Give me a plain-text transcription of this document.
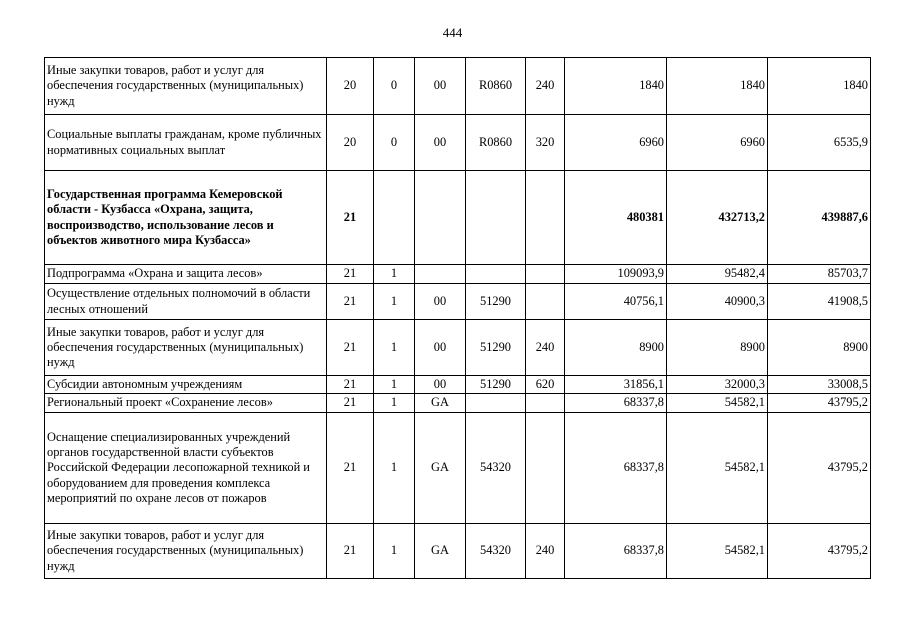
444
Иные закупки товаров, работ и услуг для обеспечения государственных (муниципальных) нужд	20	0	00	R0860	240	1840	1840	1840
Социальные выплаты гражданам, кроме публичных нормативных социальных выплат	20	0	00	R0860	320	6960	6960	6535,9
Государственная программа Кемеровской области - Кузбасса «Охрана, защита, воспроизводство, использование лесов и объектов животного мира Кузбасса»	21					480381	432713,2	439887,6
Подпрограмма «Охрана и защита лесов»	21	1				109093,9	95482,4	85703,7
Осуществление отдельных полномочий в области лесных отношений	21	1	00	51290		40756,1	40900,3	41908,5
Иные закупки товаров, работ и услуг для обеспечения государственных (муниципальных) нужд	21	1	00	51290	240	8900	8900	8900
Субсидии автономным учреждениям	21	1	00	51290	620	31856,1	32000,3	33008,5
Региональный проект «Сохранение лесов»	21	1	GA			68337,8	54582,1	43795,2
Оснащение специализированных учреждений органов государственной власти субъектов Российской Федерации лесопожарной техникой и оборудованием для проведения комплекса мероприятий по охране лесов от пожаров	21	1	GA	54320		68337,8	54582,1	43795,2
Иные закупки товаров, работ и услуг для обеспечения государственных (муниципальных) нужд	21	1	GA	54320	240	68337,8	54582,1	43795,2
